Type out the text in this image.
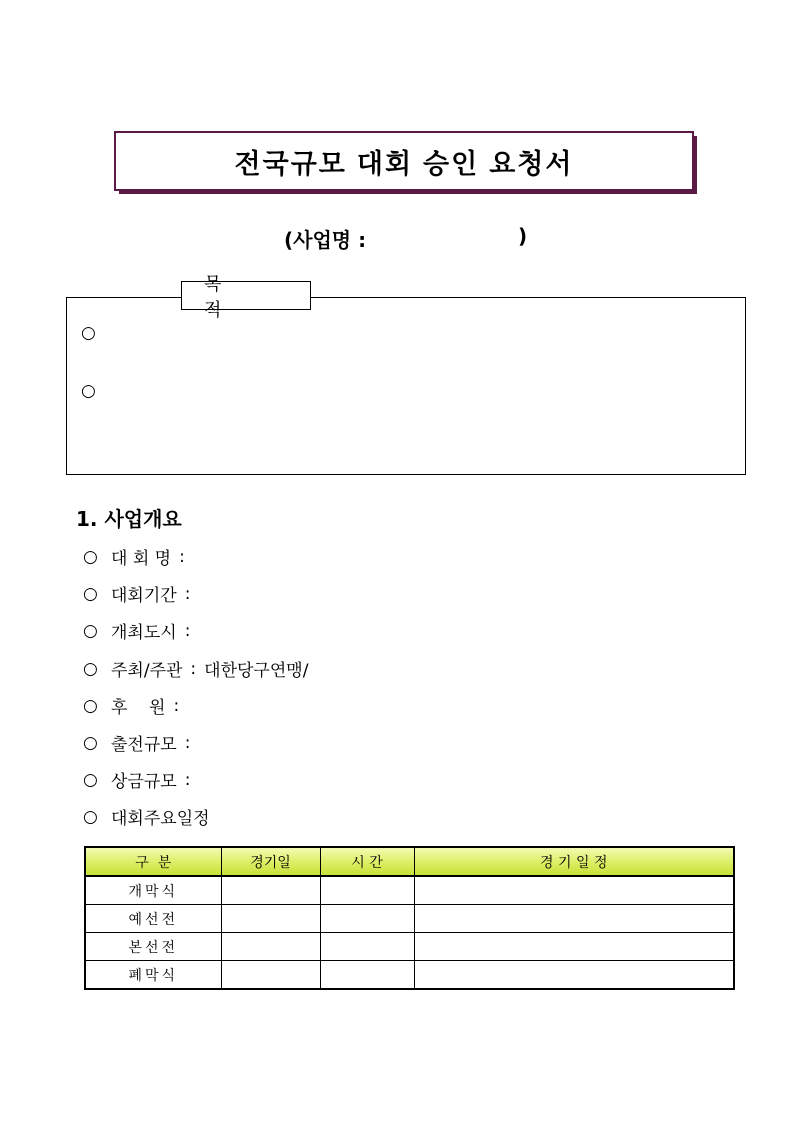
전국규모 대회 승인 요청서
(사업명 :	)
목 적
○
○
1. 사업개요
○ 대 회 명 :
○ 대회기간 :
○ 개최도시 :
○ 주최/주관 : 대한당구연맹/
○ 후    원 :
○ 출전규모 :
○ 상금규모 :
○ 대회주요일정
구  분	경기일	시 간	경 기 일 정
개막식			
예선전			
본선전			
폐막식			
